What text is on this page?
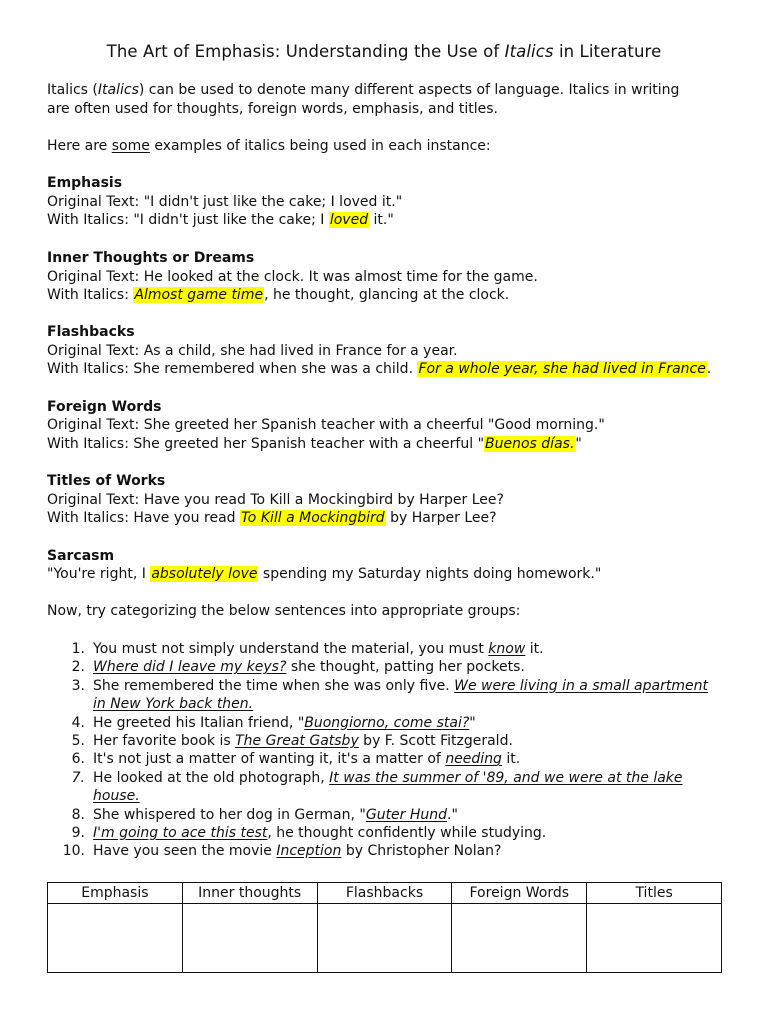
The Art of Emphasis: Understanding the Use of Italics in Literature
Italics (Italics) can be used to denote many different aspects of language. Italics in writing
are often used for thoughts, foreign words, emphasis, and titles.
Here are some examples of italics being used in each instance:
Emphasis
Original Text: "I didn't just like the cake; I loved it."
With Italics: "I didn't just like the cake; I loved it."
Inner Thoughts or Dreams
Original Text: He looked at the clock. It was almost time for the game.
With Italics: Almost game time, he thought, glancing at the clock.
Flashbacks
Original Text: As a child, she had lived in France for a year.
With Italics: She remembered when she was a child. For a whole year, she had lived in France.
Foreign Words
Original Text: She greeted her Spanish teacher with a cheerful "Good morning."
With Italics: She greeted her Spanish teacher with a cheerful "Buenos días."
Titles of Works
Original Text: Have you read To Kill a Mockingbird by Harper Lee?
With Italics: Have you read To Kill a Mockingbird by Harper Lee?
Sarcasm
"You're right, I absolutely love spending my Saturday nights doing homework."
Now, try categorizing the below sentences into appropriate groups:
1. You must not simply understand the material, you must know it.
2. Where did I leave my keys? she thought, patting her pockets.
3. She remembered the time when she was only five. We were living in a small apartment
in New York back then.
4. He greeted his Italian friend, "Buongiorno, come stai?"
5. Her favorite book is The Great Gatsby by F. Scott Fitzgerald.
6. It's not just a matter of wanting it, it's a matter of needing it.
7. He looked at the old photograph, It was the summer of '89, and we were at the lake
house.
8. She whispered to her dog in German, "Guter Hund."
9. I'm going to ace this test, he thought confidently while studying.
10. Have you seen the movie Inception by Christopher Nolan?
Emphasis	Inner thoughts	Flashbacks	Foreign Words	Titles
